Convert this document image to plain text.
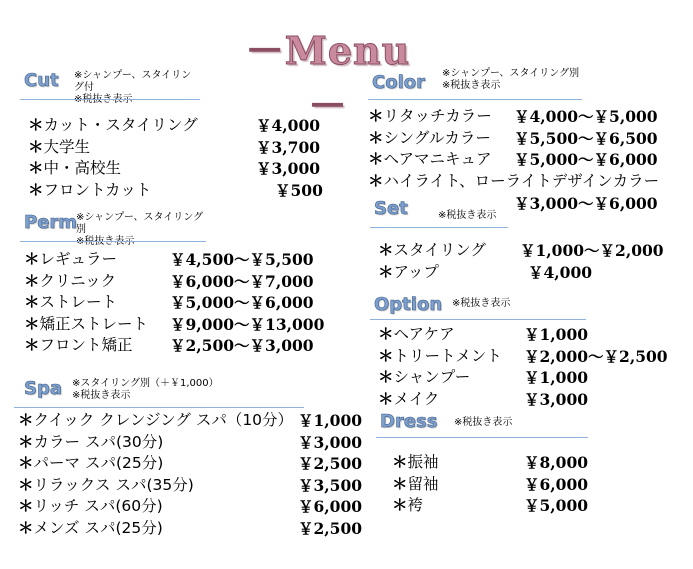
－Menu－
Cut ※シャンプー、スタイリング付
※税抜き表示
＊カット・スタイリング	￥4,000
＊大学生	￥3,700
＊中・高校生	￥3,000
＊フロントカット	￥500
Perm
※シャンプー、スタイリング別
※税抜き表示
＊レギュラー	￥4,500～￥5,500
＊クリニック	￥6,000～￥7,000
＊ストレート	￥5,000～￥6,000
＊矯正ストレート ￥9,000～￥13,000
＊フロント矯正 ￥2,500～￥3,000
Spa ※スタイリング別（＋￥1,000）
※税抜き表示
＊クイック クレンジング スパ（10分） ￥1,000
＊カラー スパ(30分)	￥3,000
＊パーマ スパ(25分)	￥2,500
＊リラックス スパ(35分)	￥3,500
＊リッチ スパ(60分)	￥6,000
＊メンズ スパ(25分)	￥2,500
Color ※シャンプー、スタイリング別
※税抜き表示
＊リタッチカラー ￥4,000～￥5,000
＊シングルカラー ￥5,500～￥6,500
＊ヘアマニキュア ￥5,000～￥6,000
＊ハイライト、ローライトデザインカラー
￥3,000～￥6,000
Set	※税抜き表示
＊スタイリング ￥1,000～￥2,000
＊アップ	￥4,000
Option ※税抜き表示
＊ヘアケア	￥1,000
＊トリートメント ￥2,000～￥2,500
＊シャンプー	￥1,000
＊メイク	￥3,000
Dress ※税抜き表示
＊振袖	￥8,000
＊留袖	￥6,000
＊袴	￥5,000
